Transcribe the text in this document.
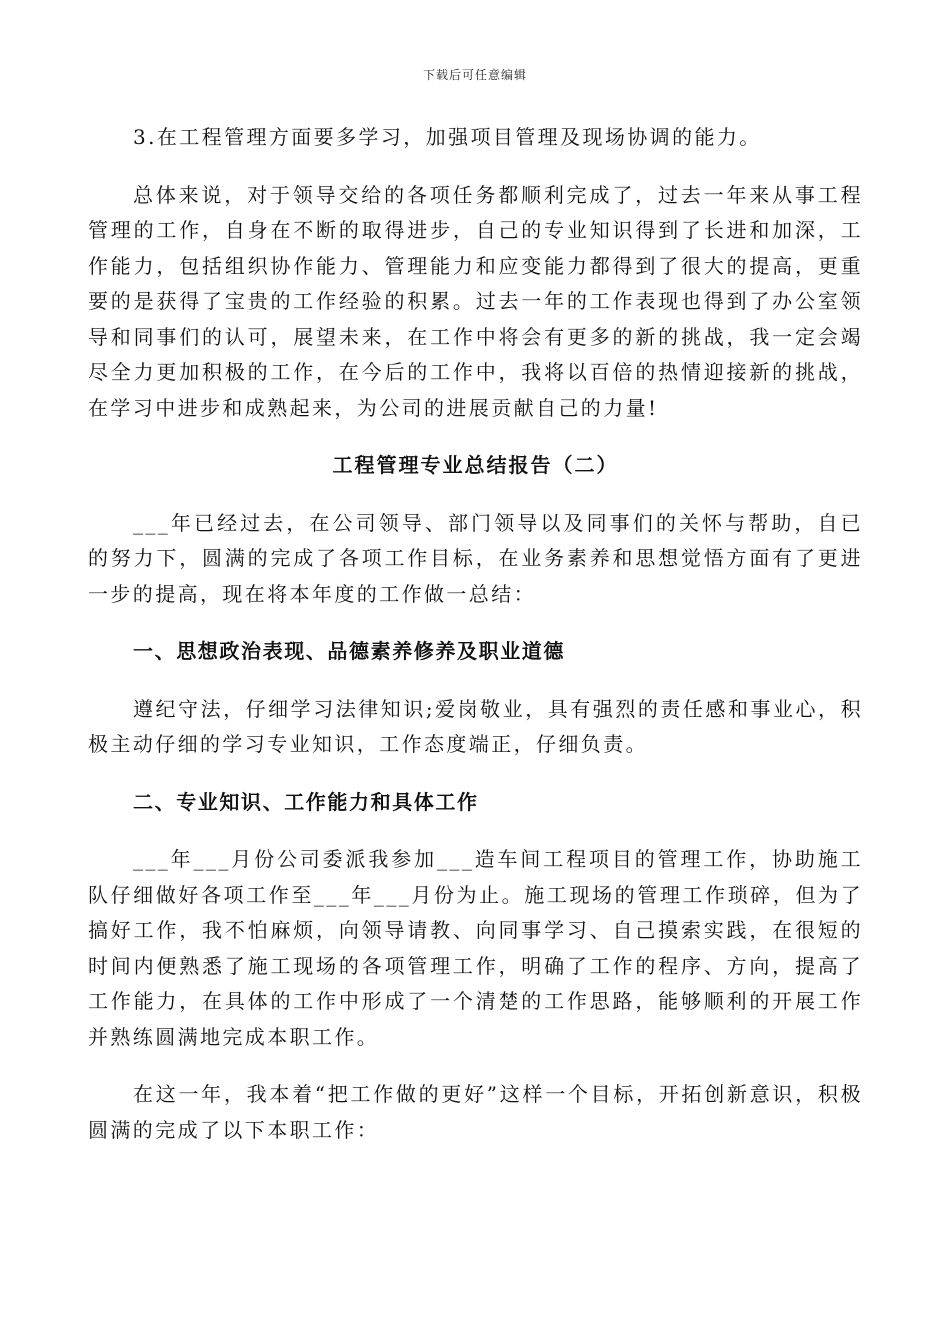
下载后可任意编辑

3.在工程管理方面要多学习，加强项目管理及现场协调的能力。

总体来说，对于领导交给的各项任务都顺利完成了，过去一年来从事工程管理的工作，自身在不断的取得进步，自己的专业知识得到了长进和加深，工作能力，包括组织协作能力、管理能力和应变能力都得到了很大的提高，更重要的是获得了宝贵的工作经验的积累。过去一年的工作表现也得到了办公室领导和同事们的认可，展望未来，在工作中将会有更多的新的挑战，我一定会竭尽全力更加积极的工作，在今后的工作中，我将以百倍的热情迎接新的挑战，在学习中进步和成熟起来，为公司的进展贡献自己的力量!

工程管理专业总结报告（二）

___年已经过去，在公司领导、部门领导以及同事们的关怀与帮助，自已的努力下，圆满的完成了各项工作目标，在业务素养和思想觉悟方面有了更进一步的提高，现在将本年度的工作做一总结：

一、思想政治表现、品德素养修养及职业道德

遵纪守法，仔细学习法律知识;爱岗敬业，具有强烈的责任感和事业心，积极主动仔细的学习专业知识，工作态度端正，仔细负责。

二、专业知识、工作能力和具体工作

___年___月份公司委派我参加___造车间工程项目的管理工作，协助施工队仔细做好各项工作至___年___月份为止。施工现场的管理工作琐碎，但为了搞好工作，我不怕麻烦，向领导请教、向同事学习、自己摸索实践，在很短的时间内便熟悉了施工现场的各项管理工作，明确了工作的程序、方向，提高了工作能力，在具体的工作中形成了一个清楚的工作思路，能够顺利的开展工作并熟练圆满地完成本职工作。

在这一年，我本着“把工作做的更好”这样一个目标，开拓创新意识，积极圆满的完成了以下本职工作：
